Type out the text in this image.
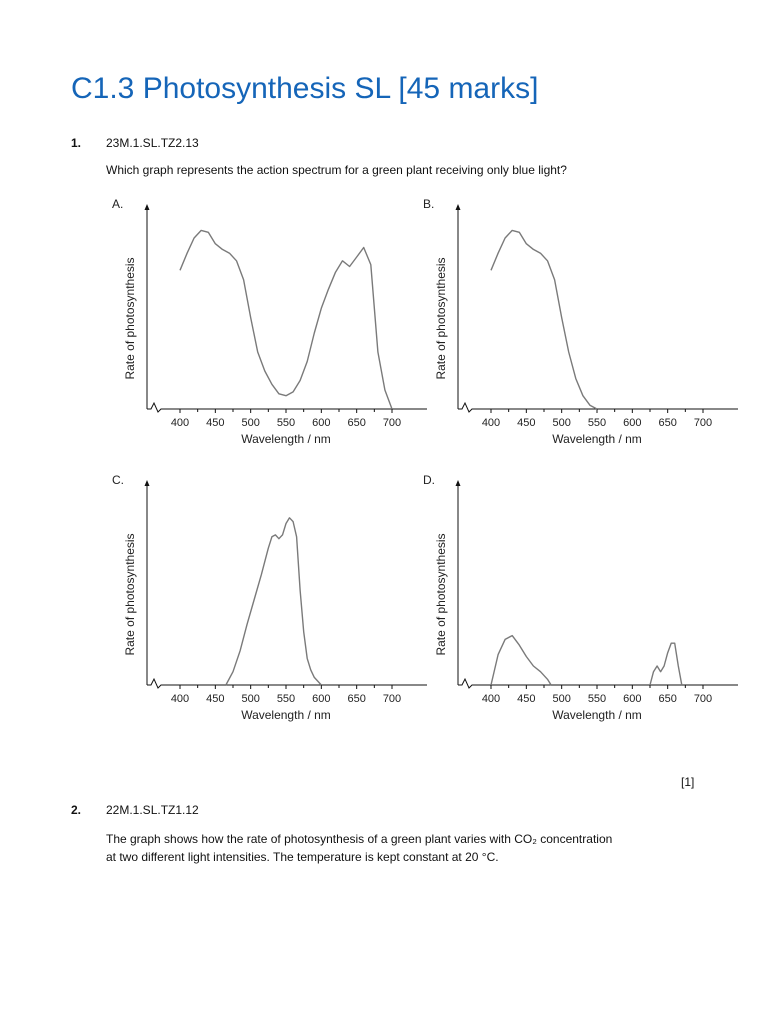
C1.3 Photosynthesis SL [45 marks]
1. 23M.1.SL.TZ2.13
Which graph represents the action spectrum for a green plant receiving only blue light?
A.
400 450 500 550 600 650 700
Wavelength / nm
Rate of photosynthesis
B.
400 450 500 550 600 650 700
Wavelength / nm
Rate of photosynthesis
C.
400 450 500 550 600 650 700
Wavelength / nm
Rate of photosynthesis
D.
400 450 500 550 600 650 700
Wavelength / nm
Rate of photosynthesis
[1]
2. 22M.1.SL.TZ1.12
The graph shows how the rate of photosynthesis of a green plant varies with CO₂ concentration
at two different light intensities. The temperature is kept constant at 20 °C.
